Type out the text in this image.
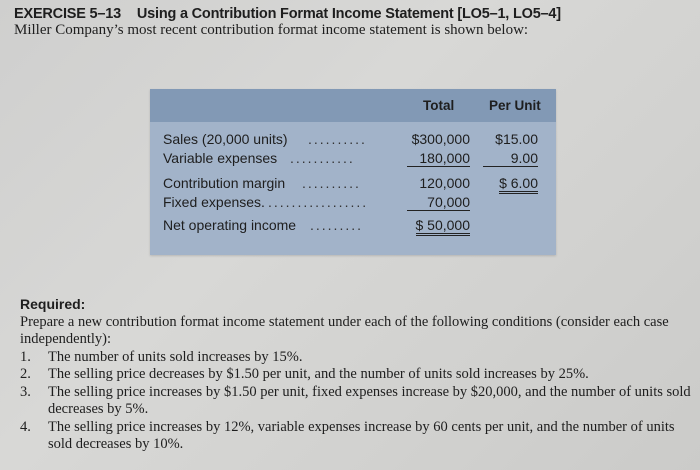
EXERCISE 5–13 Using a Contribution Format Income Statement [LO5–1, LO5–4]
Miller Company’s most recent contribution format income statement is shown below:
Total	Per Unit
Sales (20,000 units) ..........	$300,000 $15.00
Variable expenses ...........	180,000	9.00
Contribution margin ..........	120,000 $ 6.00
Fixed expenses. .................	70,000
Net operating income .........	$ 50,000
Required:
Prepare a new contribution format income statement under each of the following conditions (consider each case independently):
1. The number of units sold increases by 15%.
2. The selling price decreases by $1.50 per unit, and the number of units sold increases by 25%.
3. The selling price increases by $1.50 per unit, fixed expenses increase by $20,000, and the number of units sold decreases by 5%.
4. The selling price increases by 12%, variable expenses increase by 60 cents per unit, and the number of units sold decreases by 10%.
